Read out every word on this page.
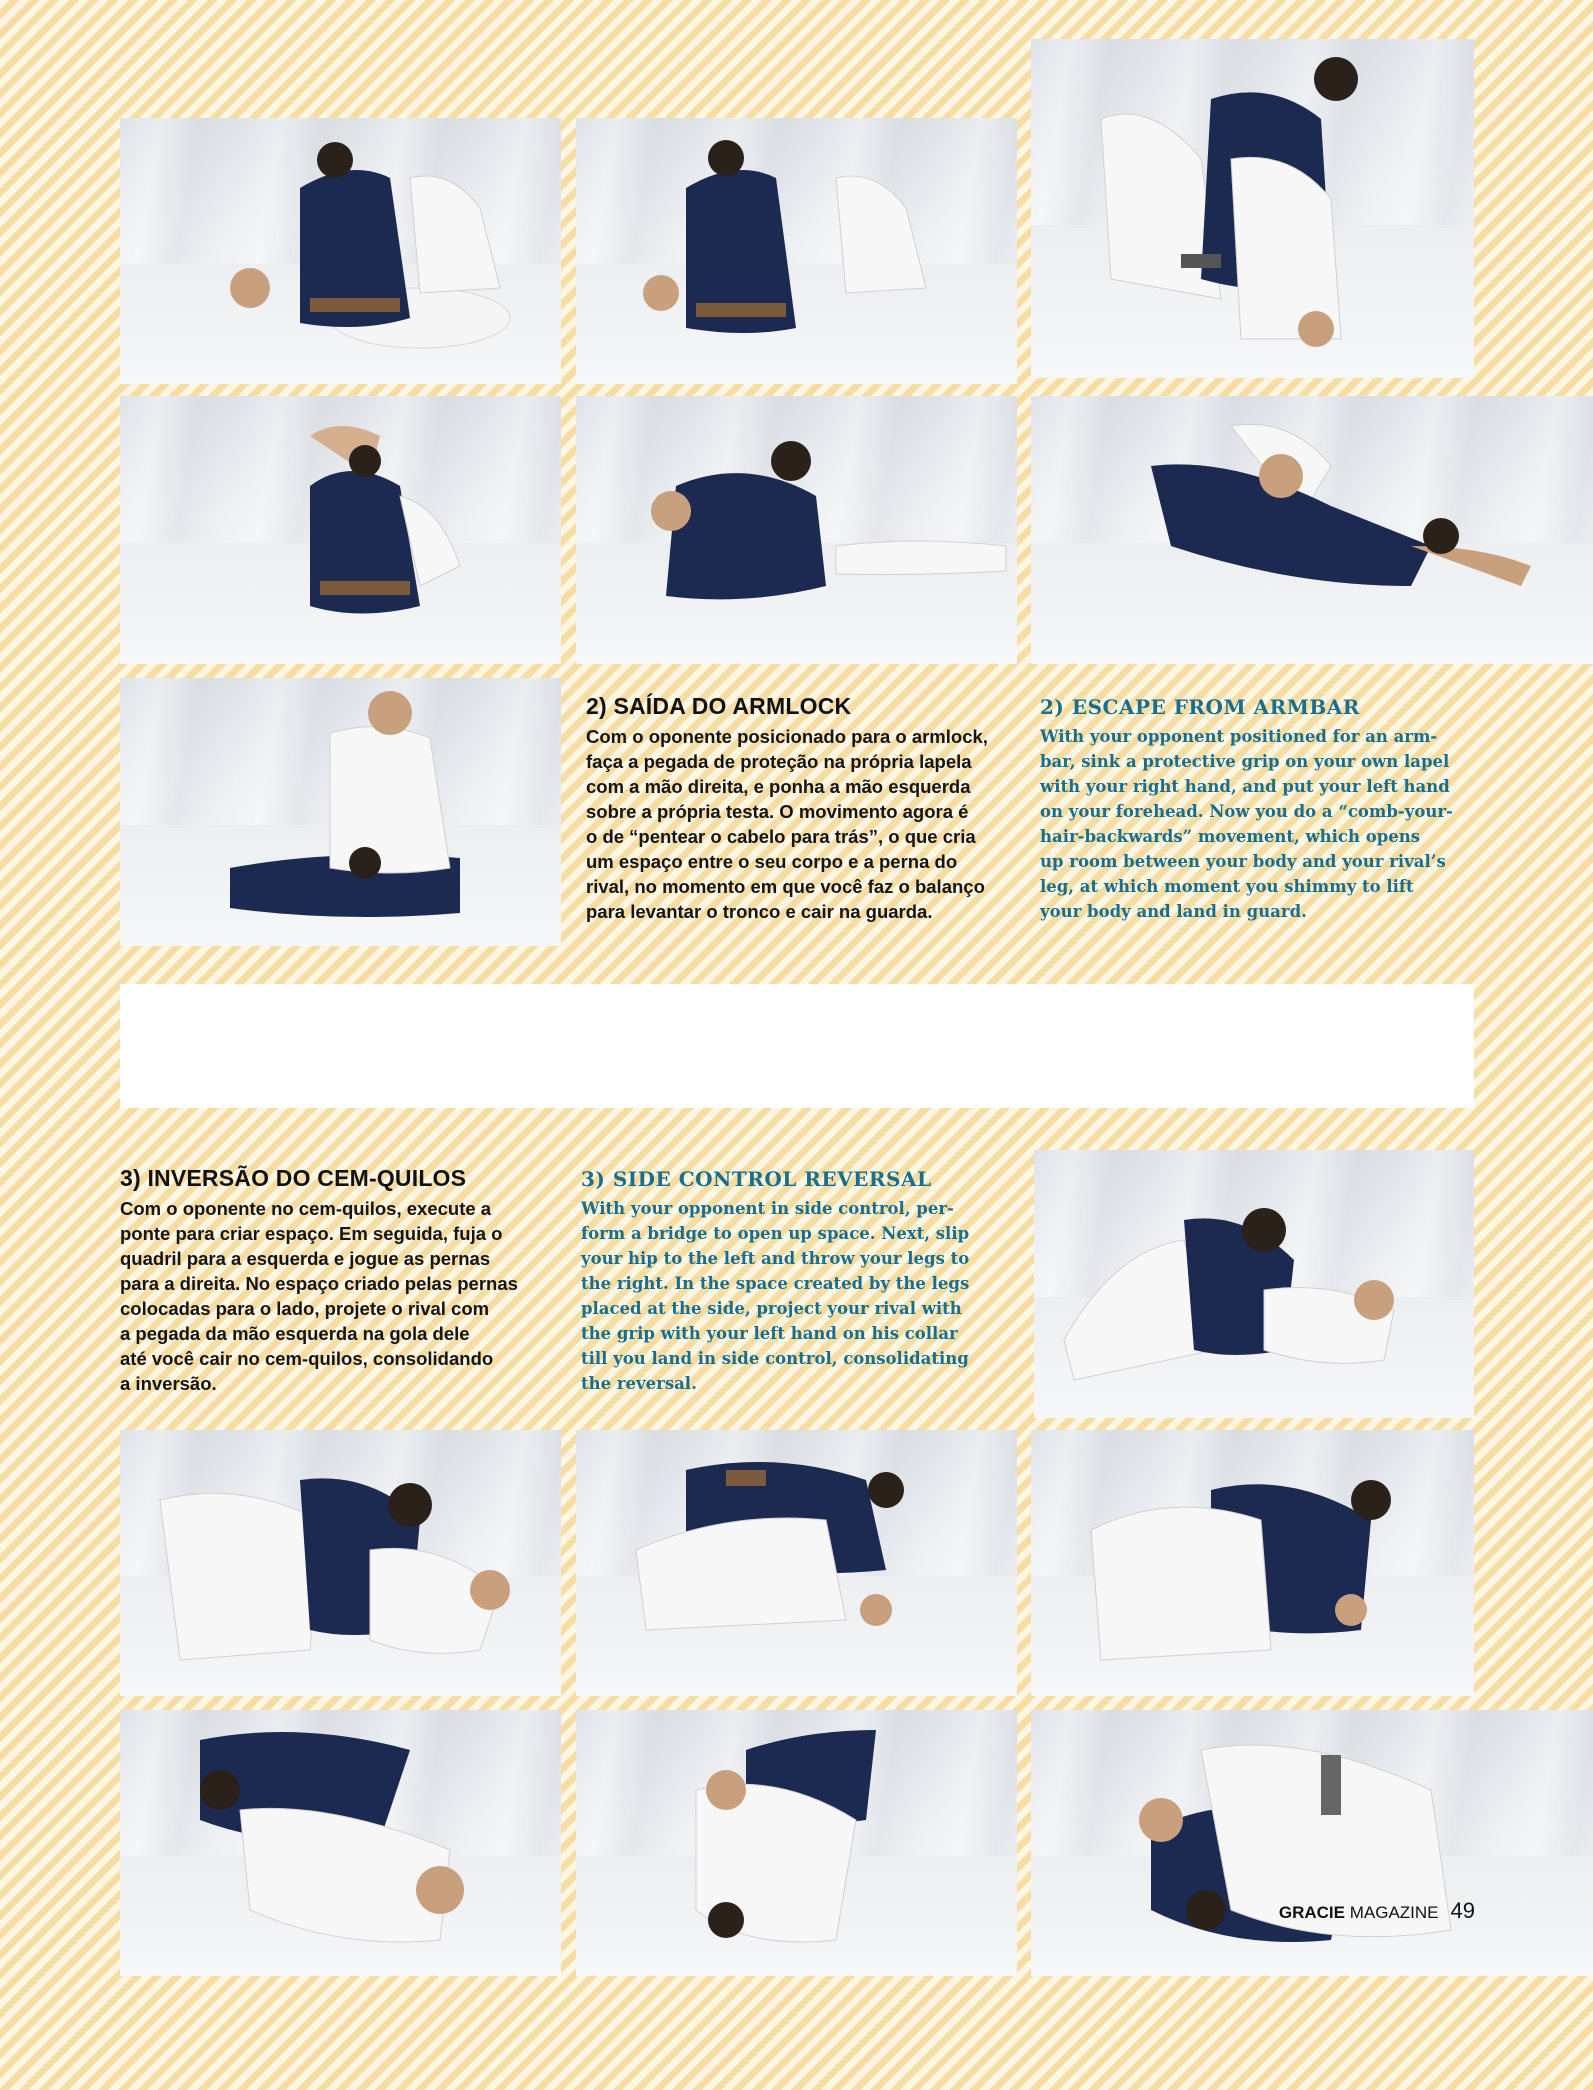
2) SAÍDA DO ARMLOCK
Com o oponente posicionado para o armlock,
faça a pegada de proteção na própria lapela
com a mão direita, e ponha a mão esquerda
sobre a própria testa. O movimento agora é
o de “pentear o cabelo para trás”, o que cria
um espaço entre o seu corpo e a perna do
rival, no momento em que você faz o balanço
para levantar o tronco e cair na guarda.
2) ESCAPE FROM ARMBAR
With your opponent positioned for an arm-
bar, sink a protective grip on your own lapel
with your right hand, and put your left hand
on your forehead. Now you do a “comb-your-
hair-backwards” movement, which opens
up room between your body and your rival’s
leg, at which moment you shimmy to lift
your body and land in guard.
3) INVERSÃO DO CEM-QUILOS
Com o oponente no cem-quilos, execute a
ponte para criar espaço. Em seguida, fuja o
quadril para a esquerda e jogue as pernas
para a direita. No espaço criado pelas pernas
colocadas para o lado, projete o rival com
a pegada da mão esquerda na gola dele
até você cair no cem-quilos, consolidando
a inversão.
3) SIDE CONTROL REVERSAL
With your opponent in side control, per-
form a bridge to open up space. Next, slip
your hip to the left and throw your legs to
the right. In the space created by the legs
placed at the side, project your rival with
the grip with your left hand on his collar
till you land in side control, consolidating
the reversal.
GRACIE MAGAZINE 49
